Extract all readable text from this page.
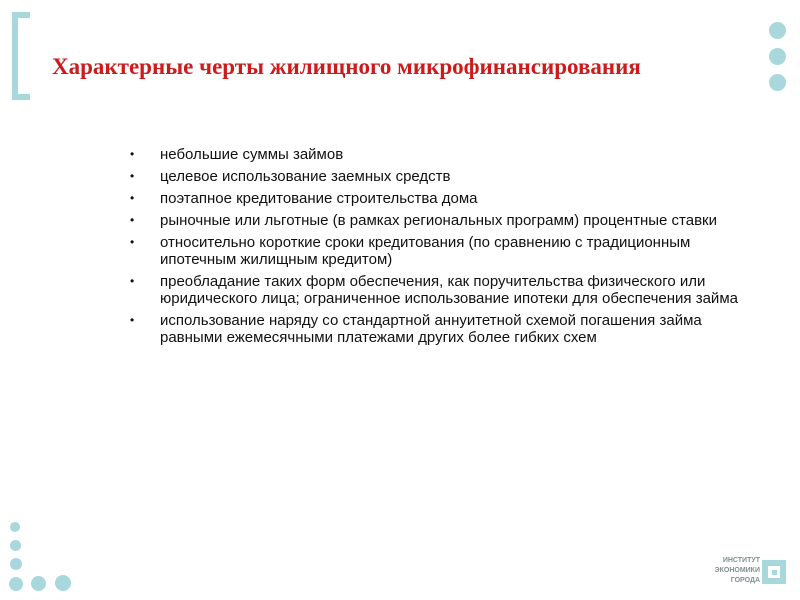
Характерные черты жилищного микрофинансирования
• небольшие суммы займов
• целевое использование заемных средств
• поэтапное кредитование строительства дома
• рыночные или льготные (в рамках региональных программ) процентные ставки
• относительно короткие сроки кредитования (по сравнению с традиционным ипотечным жилищным кредитом)
• преобладание таких форм обеспечения, как поручительства физического или юридического лица; ограниченное использование ипотеки для обеспечения займа
• использование наряду со стандартной аннуитетной схемой погашения займа равными ежемесячными платежами других более гибких схем
ИНСТИТУТ
ЭКОНОМИКИ
ГОРОДА
